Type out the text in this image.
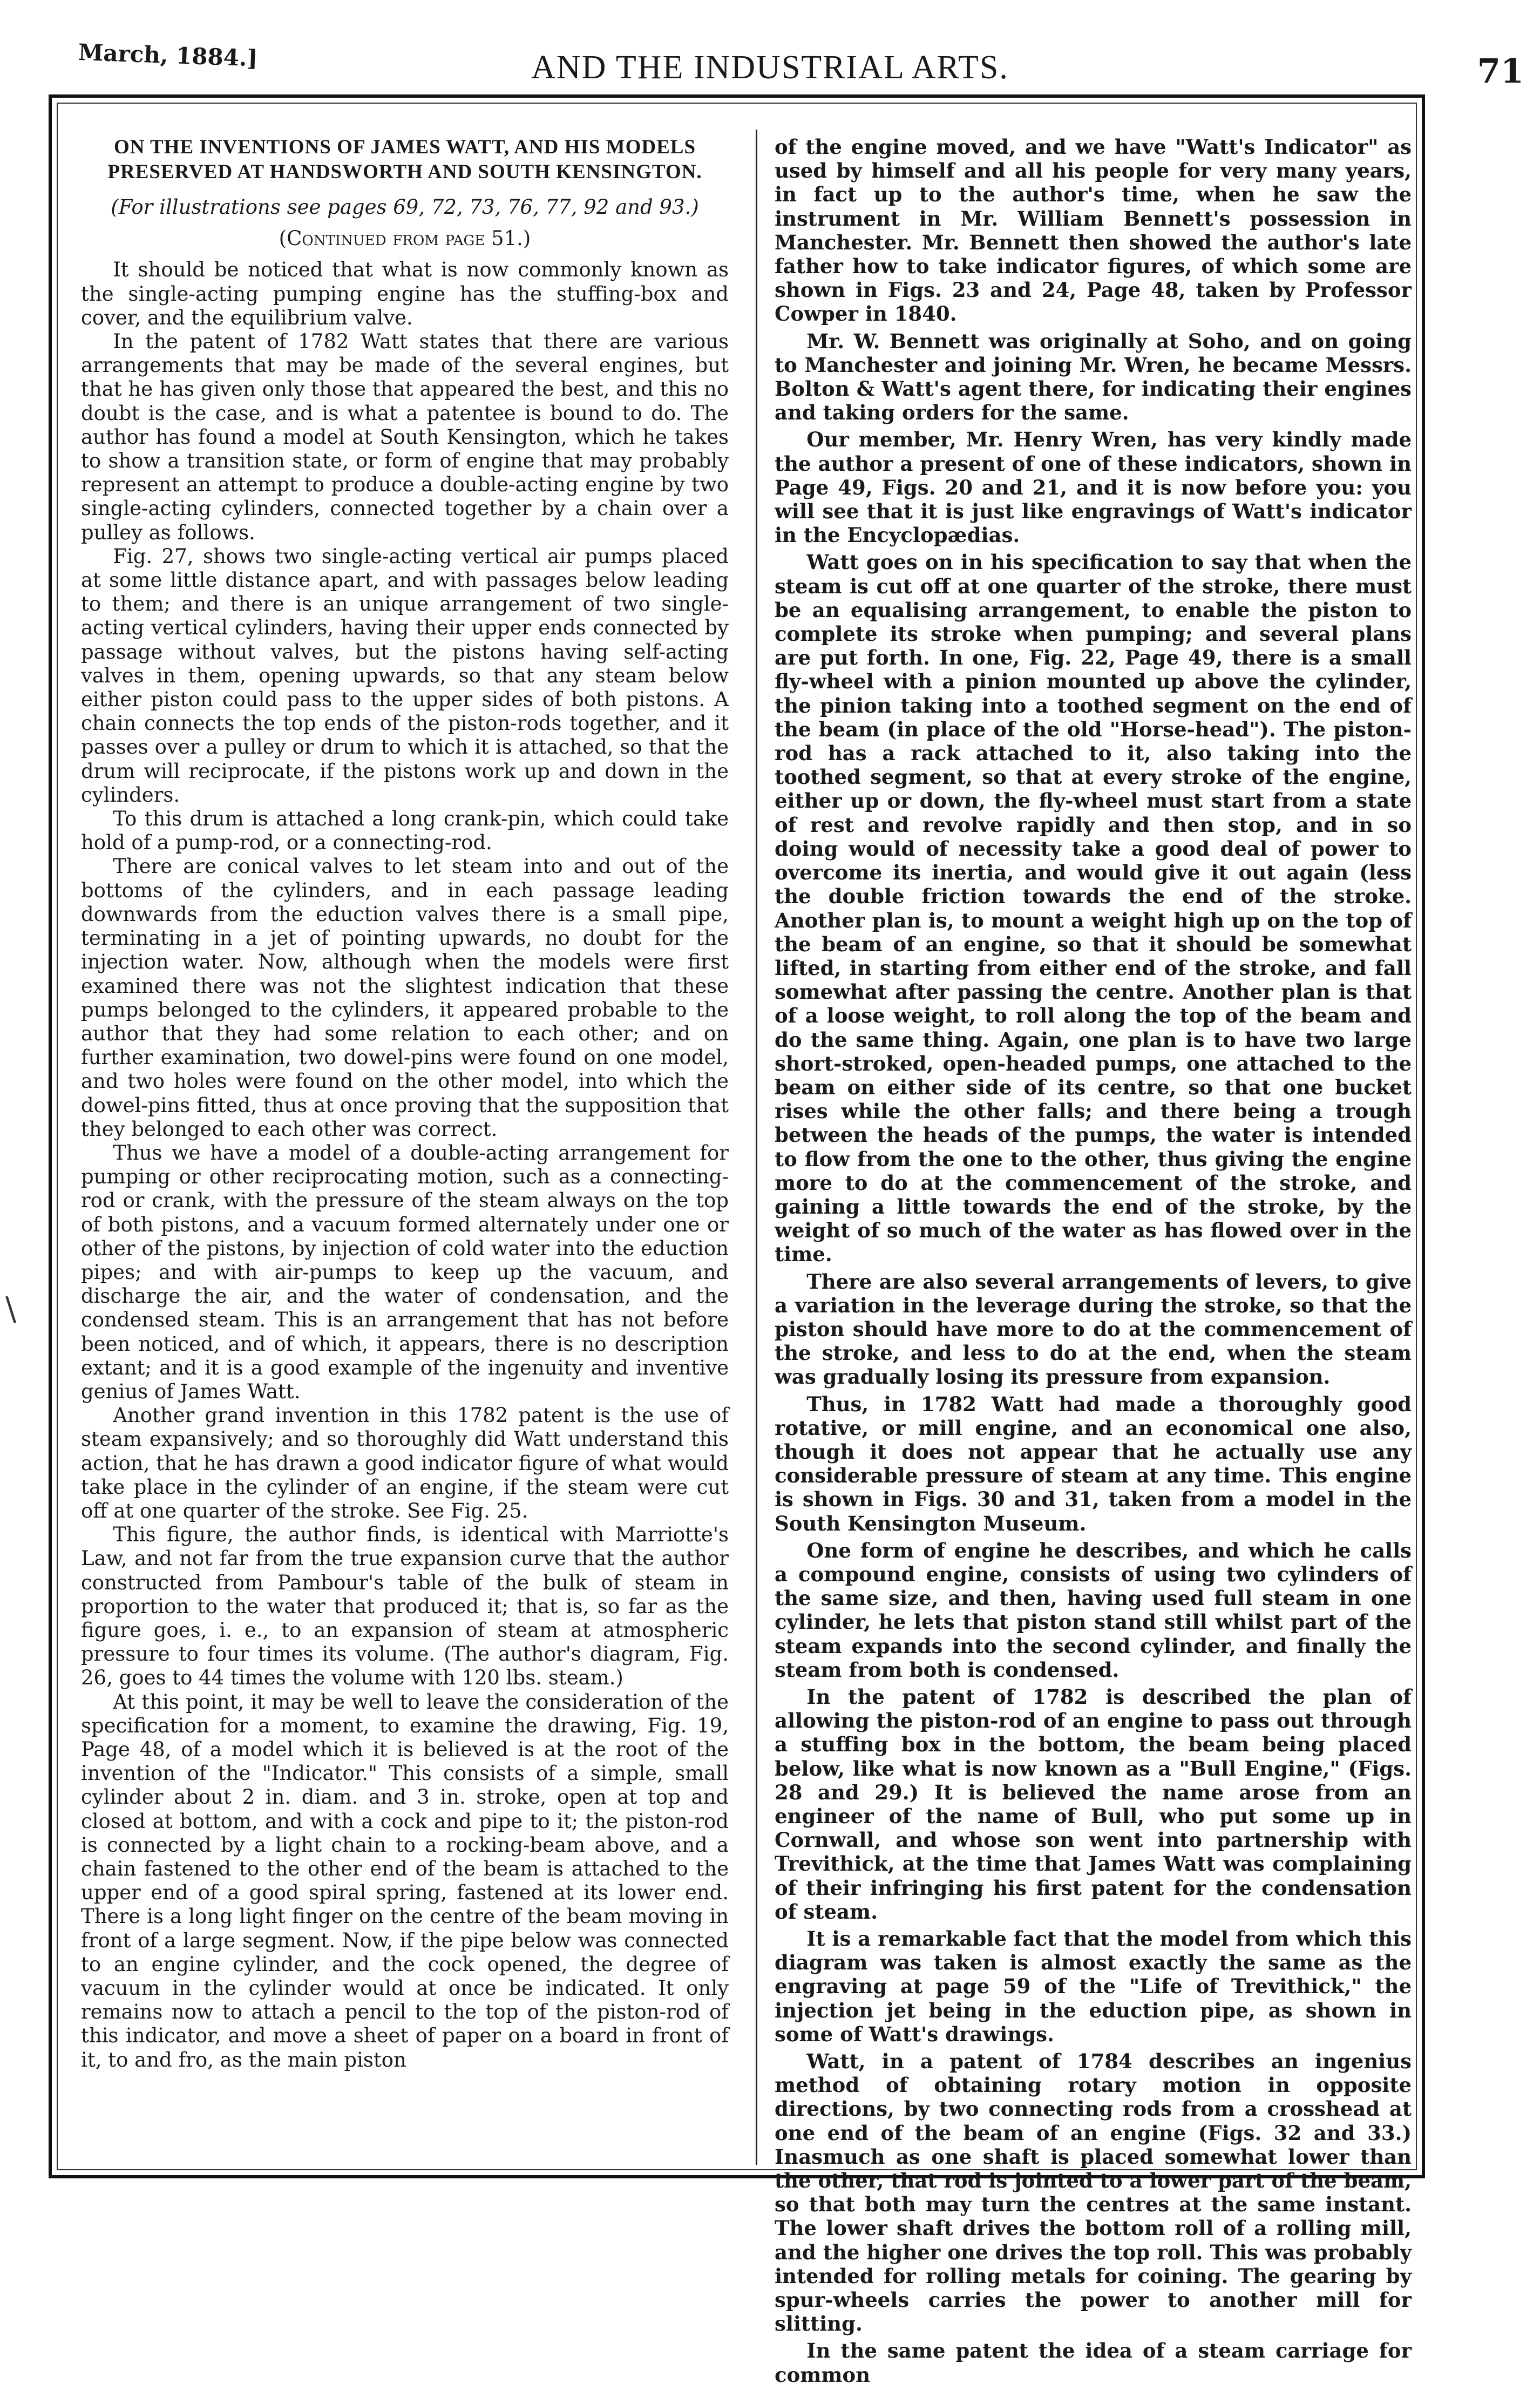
March, 1884.]	AND THE INDUSTRIAL ARTS.	71
\
ON THE INVENTIONS OF JAMES WATT, AND HIS MODELS PRESERVED AT HANDSWORTH AND SOUTH KENSINGTON.
(For illustrations see pages 69, 72, 73, 76, 77, 92 and 93.)
(Continued from page 51.)

It should be noticed that what is now commonly known as the single-acting pumping engine has the stuffing-box and cover, and the equilibrium valve.

In the patent of 1782 Watt states that there are various arrangements that may be made of the several engines, but that he has given only those that appeared the best, and this no doubt is the case, and is what a patentee is bound to do. The author has found a model at South Kensington, which he takes to show a transition state, or form of engine that may probably represent an attempt to produce a double-acting engine by two single-acting cylinders, connected together by a chain over a pulley as follows.

Fig. 27, shows two single-acting vertical air pumps placed at some little distance apart, and with passages below leading to them; and there is an unique arrangement of two single-acting vertical cylinders, having their upper ends connected by passage without valves, but the pistons having self-acting valves in them, opening upwards, so that any steam below either piston could pass to the upper sides of both pistons. A chain connects the top ends of the piston-rods together, and it passes over a pulley or drum to which it is attached, so that the drum will reciprocate, if the pistons work up and down in the cylinders.

To this drum is attached a long crank-pin, which could take hold of a pump-rod, or a connecting-rod.

There are conical valves to let steam into and out of the bottoms of the cylinders, and in each passage leading downwards from the eduction valves there is a small pipe, terminating in a jet of pointing upwards, no doubt for the injection water. Now, although when the models were first examined there was not the slightest indication that these pumps belonged to the cylinders, it appeared probable to the author that they had some relation to each other; and on further examination, two dowel-pins were found on one model, and two holes were found on the other model, into which the dowel-pins fitted, thus at once proving that the supposition that they belonged to each other was correct.

Thus we have a model of a double-acting arrangement for pumping or other reciprocating motion, such as a connecting-rod or crank, with the pressure of the steam always on the top of both pistons, and a vacuum formed alternately under one or other of the pistons, by injection of cold water into the eduction pipes; and with air-pumps to keep up the vacuum, and discharge the air, and the water of condensation, and the condensed steam. This is an arrangement that has not before been noticed, and of which, it appears, there is no description extant; and it is a good example of the ingenuity and inventive genius of James Watt.

Another grand invention in this 1782 patent is the use of steam expansively; and so thoroughly did Watt understand this action, that he has drawn a good indicator figure of what would take place in the cylinder of an engine, if the steam were cut off at one quarter of the stroke. See Fig. 25.

This figure, the author finds, is identical with Marriotte's Law, and not far from the true expansion curve that the author constructed from Pambour's table of the bulk of steam in proportion to the water that produced it; that is, so far as the figure goes, i. e., to an expansion of steam at atmospheric pressure to four times its volume. (The author's diagram, Fig. 26, goes to 44 times the volume with 120 lbs. steam.)

At this point, it may be well to leave the consideration of the specification for a moment, to examine the drawing, Fig. 19, Page 48, of a model which it is believed is at the root of the invention of the "Indicator." This consists of a simple, small cylinder about 2 in. diam. and 3 in. stroke, open at top and closed at bottom, and with a cock and pipe to it; the piston-rod is connected by a light chain to a rocking-beam above, and a chain fastened to the other end of the beam is attached to the upper end of a good spiral spring, fastened at its lower end. There is a long light finger on the centre of the beam moving in front of a large segment. Now, if the pipe below was connected to an engine cylinder, and the cock opened, the degree of vacuum in the cylinder would at once be indicated. It only remains now to attach a pencil to the top of the piston-rod of this indicator, and move a sheet of paper on a board in front of it, to and fro, as the main piston

of the engine moved, and we have "Watt's Indicator" as used by himself and all his people for very many years, in fact up to the author's time, when he saw the instrument in Mr. William Bennett's possession in Manchester. Mr. Bennett then showed the author's late father how to take indicator figures, of which some are shown in Figs. 23 and 24, Page 48, taken by Professor Cowper in 1840.

Mr. W. Bennett was originally at Soho, and on going to Manchester and joining Mr. Wren, he became Messrs. Bolton & Watt's agent there, for indicating their engines and taking orders for the same.

Our member, Mr. Henry Wren, has very kindly made the author a present of one of these indicators, shown in Page 49, Figs. 20 and 21, and it is now before you: you will see that it is just like engravings of Watt's indicator in the Encyclopædias.

Watt goes on in his specification to say that when the steam is cut off at one quarter of the stroke, there must be an equalising arrangement, to enable the piston to complete its stroke when pumping; and several plans are put forth. In one, Fig. 22, Page 49, there is a small fly-wheel with a pinion mounted up above the cylinder, the pinion taking into a toothed segment on the end of the beam (in place of the old "Horse-head"). The piston-rod has a rack attached to it, also taking into the toothed segment, so that at every stroke of the engine, either up or down, the fly-wheel must start from a state of rest and revolve rapidly and then stop, and in so doing would of necessity take a good deal of power to overcome its inertia, and would give it out again (less the double friction towards the end of the stroke. Another plan is, to mount a weight high up on the top of the beam of an engine, so that it should be somewhat lifted, in starting from either end of the stroke, and fall somewhat after passing the centre. Another plan is that of a loose weight, to roll along the top of the beam and do the same thing. Again, one plan is to have two large short-stroked, open-headed pumps, one attached to the beam on either side of its centre, so that one bucket rises while the other falls; and there being a trough between the heads of the pumps, the water is intended to flow from the one to the other, thus giving the engine more to do at the commencement of the stroke, and gaining a little towards the end of the stroke, by the weight of so much of the water as has flowed over in the time.

There are also several arrangements of levers, to give a variation in the leverage during the stroke, so that the piston should have more to do at the commencement of the stroke, and less to do at the end, when the steam was gradually losing its pressure from expansion.

Thus, in 1782 Watt had made a thoroughly good rotative, or mill engine, and an economical one also, though it does not appear that he actually use any considerable pressure of steam at any time. This engine is shown in Figs. 30 and 31, taken from a model in the South Kensington Museum.

One form of engine he describes, and which he calls a compound engine, consists of using two cylinders of the same size, and then, having used full steam in one cylinder, he lets that piston stand still whilst part of the steam expands into the second cylinder, and finally the steam from both is condensed.

In the patent of 1782 is described the plan of allowing the piston-rod of an engine to pass out through a stuffing box in the bottom, the beam being placed below, like what is now known as a "Bull Engine," (Figs. 28 and 29.) It is believed the name arose from an engineer of the name of Bull, who put some up in Cornwall, and whose son went into partnership with Trevithick, at the time that James Watt was complaining of their infringing his first patent for the condensation of steam.

It is a remarkable fact that the model from which this diagram was taken is almost exactly the same as the engraving at page 59 of the "Life of Trevithick," the injection jet being in the eduction pipe, as shown in some of Watt's drawings.

Watt, in a patent of 1784 describes an ingenius method of obtaining rotary motion in opposite directions, by two connecting rods from a crosshead at one end of the beam of an engine (Figs. 32 and 33.) Inasmuch as one shaft is placed somewhat lower than the other, that rod is jointed to a lower part of the beam, so that both may turn the centres at the same instant. The lower shaft drives the bottom roll of a rolling mill, and the higher one drives the top roll. This was probably intended for rolling metals for coining. The gearing by spur-wheels carries the power to another mill for slitting.

In the same patent the idea of a steam carriage for common
